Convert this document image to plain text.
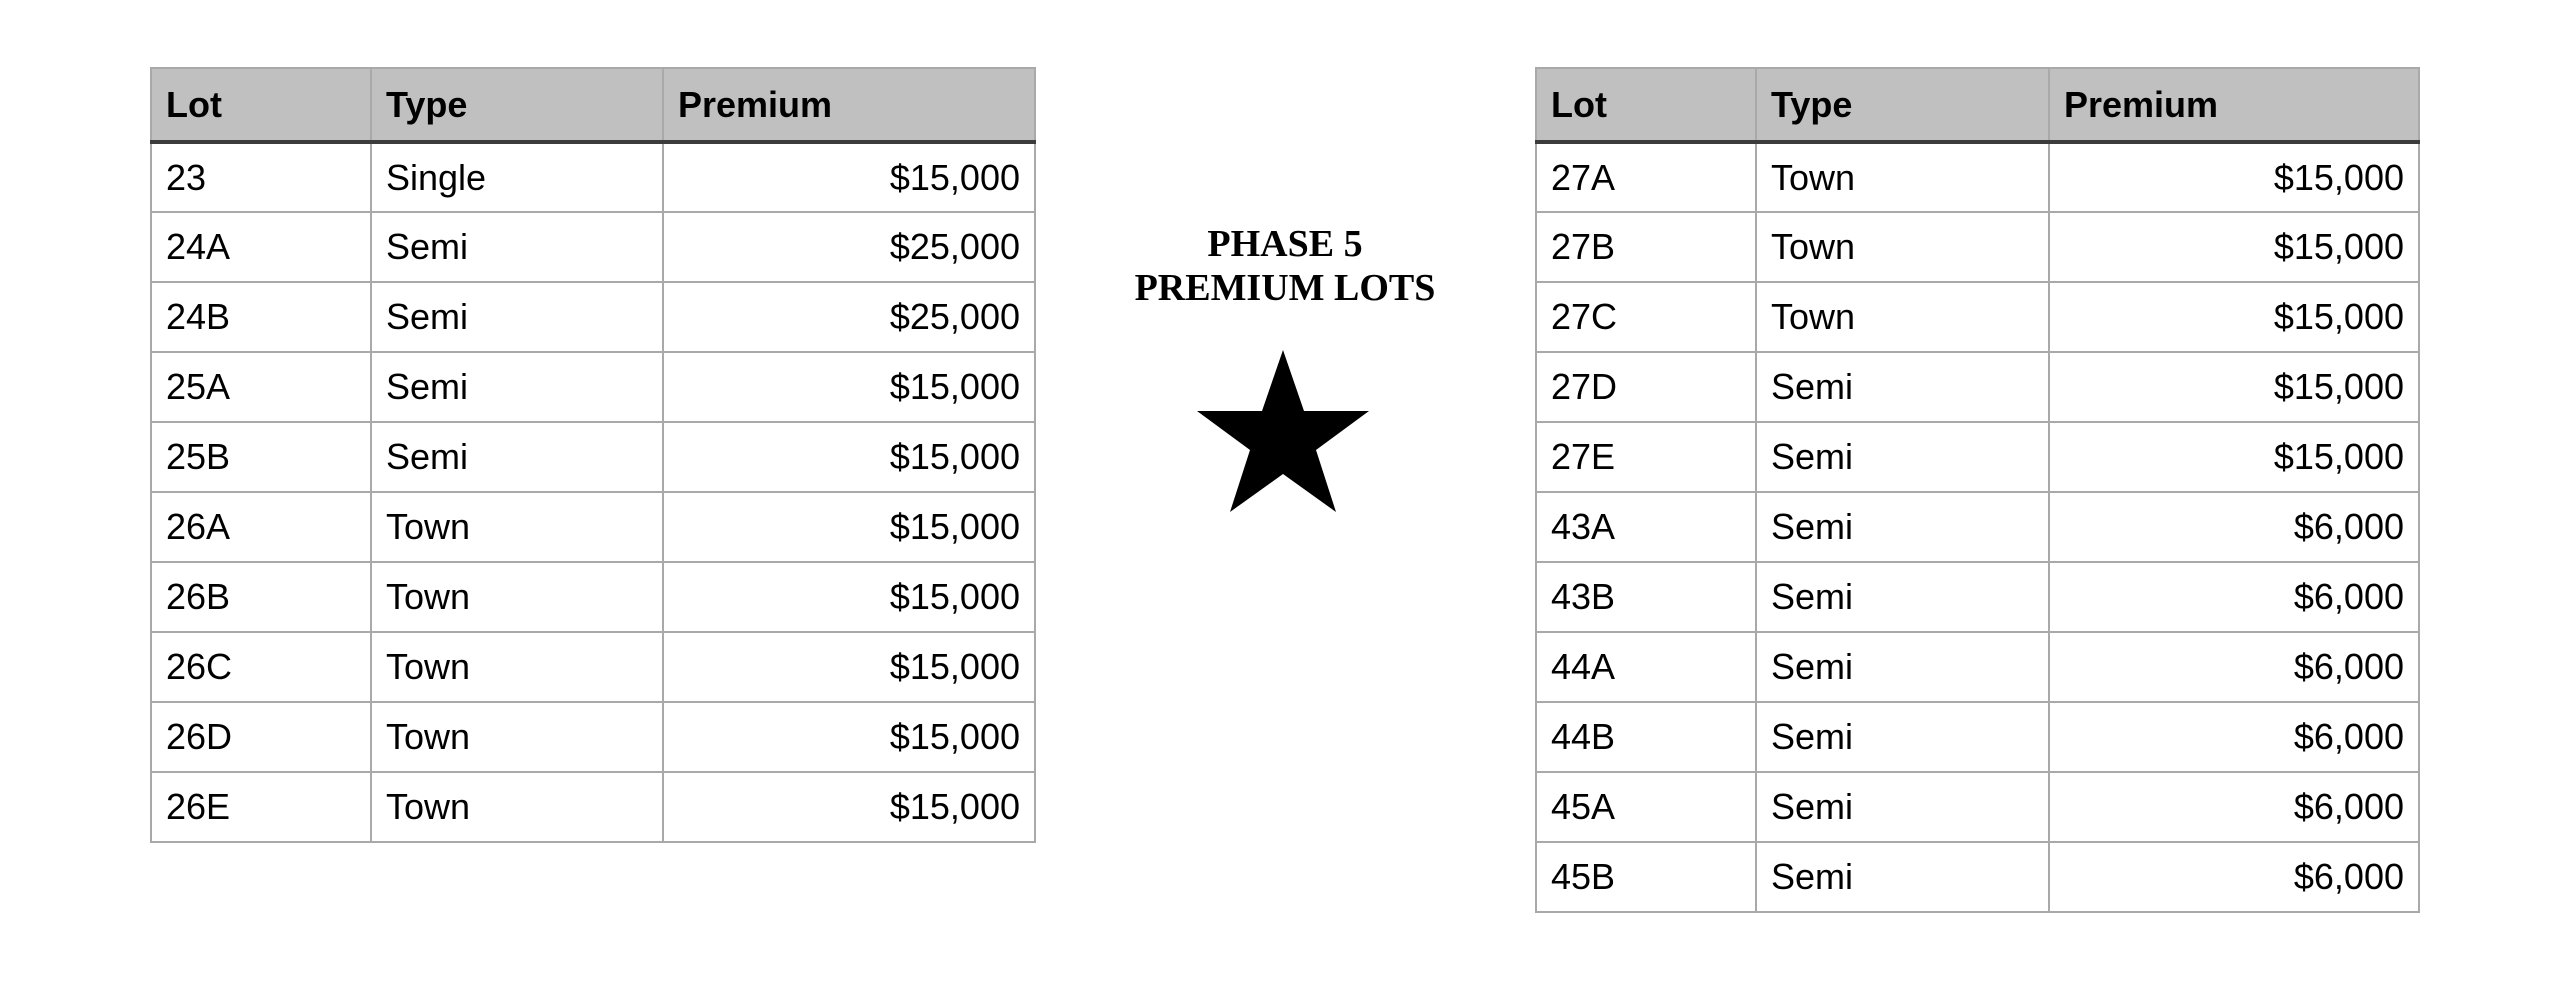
Lot	Type	Premium
23	Single	$15,000
24A	Semi	$25,000
24B	Semi	$25,000
25A	Semi	$15,000
25B	Semi	$15,000
26A	Town	$15,000
26B	Town	$15,000
26C	Town	$15,000
26D	Town	$15,000
26E	Town	$15,000
PHASE 5
PREMIUM LOTS
Lot	Type	Premium
27A	Town	$15,000
27B	Town	$15,000
27C	Town	$15,000
27D	Semi	$15,000
27E	Semi	$15,000
43A	Semi	$6,000
43B	Semi	$6,000
44A	Semi	$6,000
44B	Semi	$6,000
45A	Semi	$6,000
45B	Semi	$6,000
